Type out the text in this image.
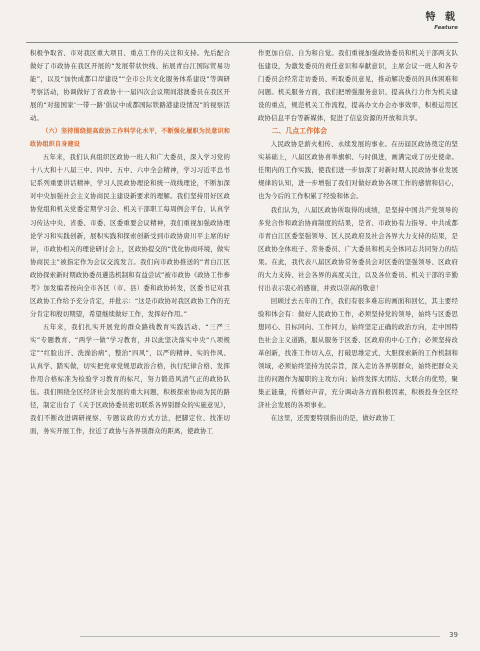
特 载
Feature

积极争取省、市对我区重大项目、重点工作的关注和支持。先后配合做好了市政协在我区开展的“发展带状快线、拓展青白江国际贸易功能”，以及“加快成都口岸建设”“全市公共文化服务体系建设”等调研考察活动，协调做好了省政协十一届四次会议期间港澳委员在我区开展的“对接国家‘一带一路’倡议中成都国际铁路港建设情况”的视察活动。

（六）坚持围绕提高政协工作科学化水平，不断强化履职为民意识和政协组织自身建设

五年来，我们认真组织区政协一班人和广大委员，深入学习党的十八大和十八届三中、四中、五中、六中全会精神，学习习近平总书记系列重要讲话精神，学习人民政协理论和统一战线理论，不断加深对中央加强社会主义协商民主建设新要求的理解。我们坚持用好区政协党组和机关党委定期学习会、机关干部职工每周例会平台，认真学习传达中央、省委、市委、区委重要会议精神，我们重视加强政协理论学习和实践创新，展积实践和探索创新受到市政协唐川平主席的好评，市政协相关的理论研讨会上，区政协提交的“优化协商环境，做实协商民主”被指定作为会议交流发言。我们向市政协推送的“青白江区政协探索新时期政协委员遴选机制和有益尝试”被市政协《政协工作参考》加发编者按向全市各区（市、县）委和政协转发，区委书记对我区政协工作给予充分肯定，并批示：“这是市政协对我区政协工作的充分肯定和殷切期望，希望继续做好工作，发挥好作用。”

五年来，我们扎实开展党的群众路线教育实践活动、“三严三实”专题教育、“两学一做”学习教育，并以此坚决落实中央“八项规定”“红脸出汗、洗澡治病”，整治“四风”，以严的精神、实的作风、认真学、踏实做，切实把党章党规思政治合格，执行纪律合格、发挥作用合格标准为检验学习教育的标尺，努力锻造风清气正的政协队伍。我们围绕全区经济社会发展的重大问题，积极探索协商为民的路径，制定出台了《关于区政协委员密切联系各界别群众的实施意见》，我们不断改进调研视察、专题议政的方式方法，把脚定位、找准切面，务实开展工作，拉近了政协与各界别群众的距离，使政协工

作更加自信、自为和自觉。我们重视加强政协委员和机关干部两支队伍建设，为激发委员的责任意识和奉献意识，主席会议一班人和各专门委员会经常走访委员、听取委员意见，推动解决委员的具体困难和问题。机关服务方面，我们把增强服务意识、提高执行力作为机关建设的重点，规范机关工作流程，提高办文办会办事效率，积极运用区政协信息平台等新媒体，促进了信息资源的开放和共享。

二、几点工作体会

人民政协是薪火相传、永续发展的事业。在历届区政协奠定的坚实基础上，八届区政协喜举旗帜、与时俱进，画满完成了历史使命。任期内的工作实践，使我们进一步加深了对新时期人民政协事业发展规律的认知，进一步增强了我们对做好政协各项工作的感情和信心，也为今后的工作积累了经验和体会。

我们认为，八届区政协所取得的成绩，是坚持中国共产党领导的多党合作和政治协商制度的结果，是省、市政协有力指导、中共成都市青白江区委坚强领导、区人民政府及社会各界大力支持的结果，是区政协全体班子、常务委员、广大委员和机关全体同志共同努力的结果。在此，我代表八届区政协常务委员会对区委的坚强领导、区政府的大力支持、社会各界的高度关注，以及各位委员、机关干部的辛勤付出表示衷心的感谢，并致以崇高的敬意！

回顾过去五年的工作，我们有很多难忘的画面和回忆，其主要经验和体会有：做好人民政协工作，必须坚持党的领导，始终与区委思想同心、目标同向、工作同力，始终坚定正确的政治方向，走中国特色社会主义道路，服从服务于区委、区政府的中心工作；必须坚持改革创新，找准工作切入点，打破思维定式，大胆探索新的工作机制和领域，必须始终坚持为民宗旨，深入走访各界别群众，始终把群众关注的问题作为履职的主攻方向；始终发挥大团结、大联合的优势，聚集正能量，传播好声音，充分调动各方面积极因素，积极投身全区经济社会发展的各项事业。

在这里，还需要特别指出的是，做好政协工

39
